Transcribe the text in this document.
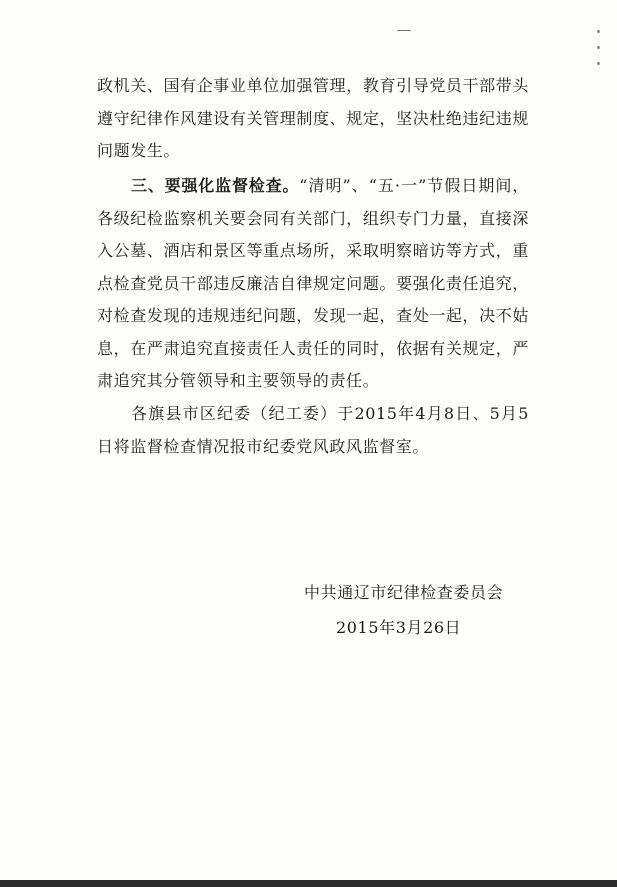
政机关、国有企事业单位加强管理，教育引导党员干部带头遵守纪律作风建设有关管理制度、规定，坚决杜绝违纪违规问题发生。

三、要强化监督检查。“清明”、“五·一”节假日期间，各级纪检监察机关要会同有关部门，组织专门力量，直接深入公墓、酒店和景区等重点场所，采取明察暗访等方式，重点检查党员干部违反廉洁自律规定问题。要强化责任追究，对检查发现的违规违纪问题，发现一起，查处一起，决不姑息，在严肃追究直接责任人责任的同时，依据有关规定，严肃追究其分管领导和主要领导的责任。

各旗县市区纪委（纪工委）于2015年4月8日、5月5日将监督检查情况报市纪委党风政风监督室。

中共通辽市纪律检查委员会

2015年3月26日
